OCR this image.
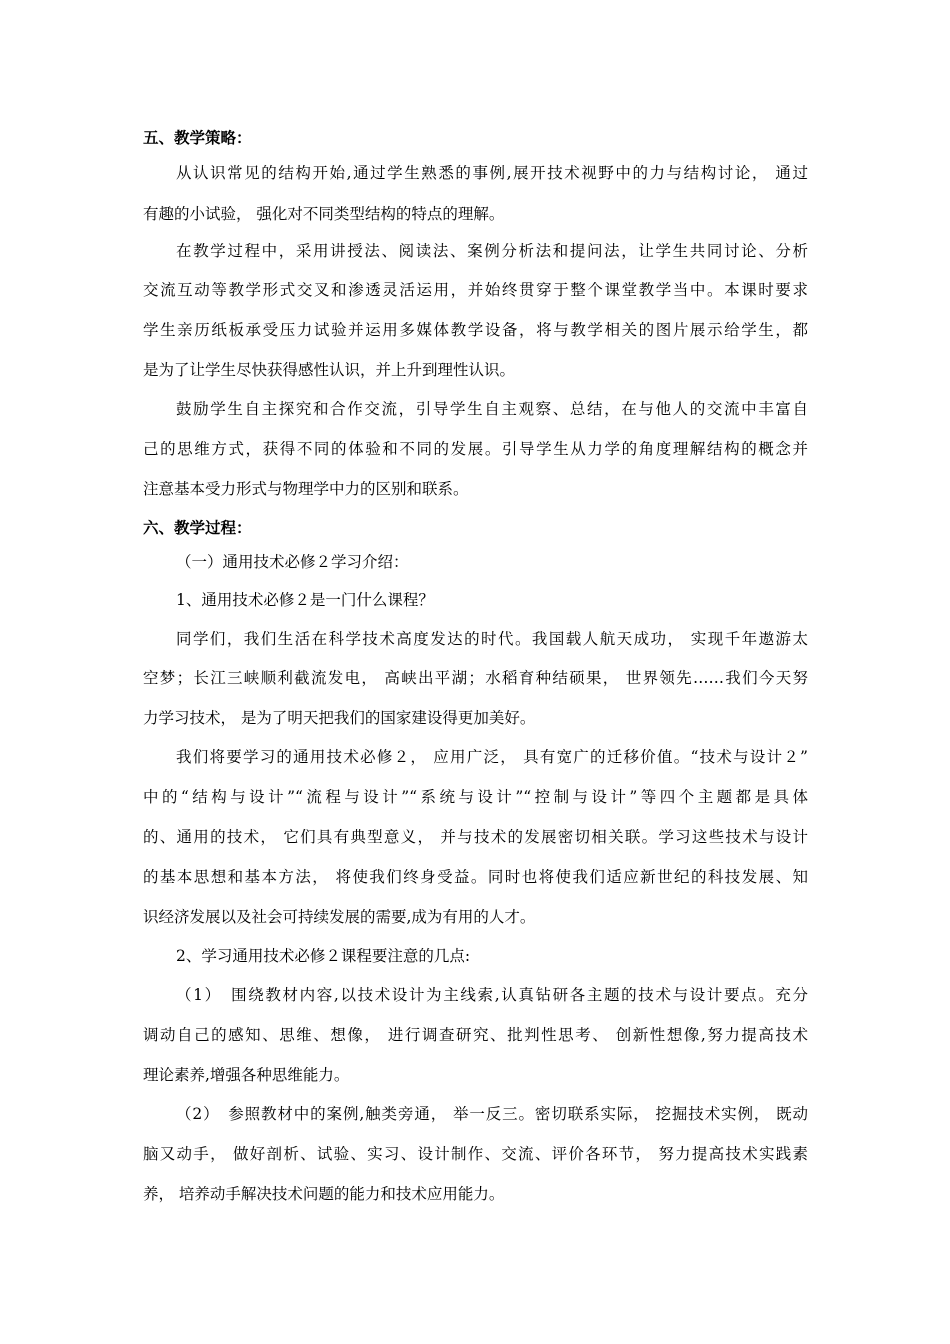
五、教学策略：
从认识常见的结构开始,通过学生熟悉的事例,展开技术视野中的力与结构讨论， 通过
有趣的小试验， 强化对不同类型结构的特点的理解。
在教学过程中，采用讲授法、阅读法、案例分析法和提问法，让学生共同讨论、分析
交流互动等教学形式交叉和渗透灵活运用，并始终贯穿于整个课堂教学当中。本课时要求
学生亲历纸板承受压力试验并运用多媒体教学设备，将与教学相关的图片展示给学生，都
是为了让学生尽快获得感性认识，并上升到理性认识。
鼓励学生自主探究和合作交流，引导学生自主观察、总结，在与他人的交流中丰富自
己的思维方式，获得不同的体验和不同的发展。引导学生从力学的角度理解结构的概念并
注意基本受力形式与物理学中力的区别和联系。
六、教学过程：
（一）通用技术必修２学习介绍：
1、通用技术必修２是一门什么课程？
同学们，我们生活在科学技术高度发达的时代。我国载人航天成功， 实现千年遨游太
空梦；长江三峡顺利截流发电， 高峡出平湖；水稻育种结硕果， 世界领先……我们今天努
力学习技术， 是为了明天把我们的国家建设得更加美好。
我们将要学习的通用技术必修２， 应用广泛， 具有宽广的迁移价值。“技术与设计２”
中的“结构与设计”“流程与设计”“系统与设计”“控制与设计”等四个主题都是具体
的、通用的技术， 它们具有典型意义， 并与技术的发展密切相关联。学习这些技术与设计
的基本思想和基本方法， 将使我们终身受益。同时也将使我们适应新世纪的科技发展、知
识经济发展以及社会可持续发展的需要,成为有用的人才。
2、学习通用技术必修２课程要注意的几点:
（1）　围绕教材内容,以技术设计为主线索,认真钻研各主题的技术与设计要点。充分
调动自己的感知、思维、想像， 进行调查研究、批判性思考、 创新性想像,努力提高技术
理论素养,增强各种思维能力。
（2）　参照教材中的案例,触类旁通， 举一反三。密切联系实际， 挖掘技术实例， 既动
脑又动手， 做好剖析、试验、实习、设计制作、交流、评价各环节， 努力提高技术实践素
养， 培养动手解决技术问题的能力和技术应用能力。
